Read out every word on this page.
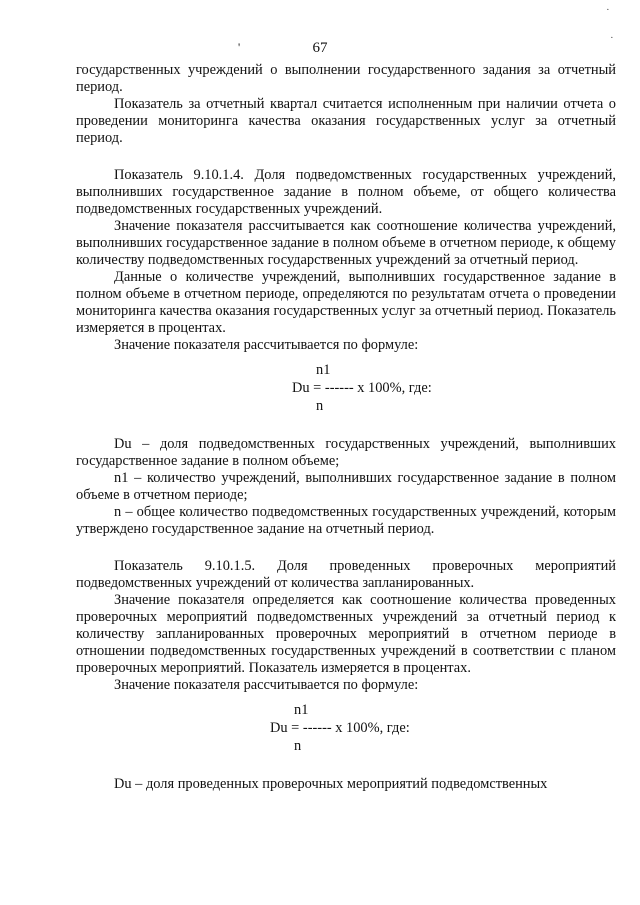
·
·
'	67

государственных учреждений о выполнении государственного задания за отчетный период.

Показатель за отчетный квартал считается исполненным при наличии отчета о проведении мониторинга качества оказания государственных услуг за отчетный период.

Показатель 9.10.1.4. Доля подведомственных государственных учреждений, выполнивших государственное задание в полном объеме, от общего количества подведомственных государственных учреждений.

Значение показателя рассчитывается как соотношение количества учреждений, выполнивших государственное задание в полном объеме в отчетном периоде, к общему количеству подведомственных государственных учреждений за отчетный период.

Данные о количестве учреждений, выполнивших государственное задание в полном объеме в отчетном периоде, определяются по результатам отчета о проведении мониторинга качества оказания государственных услуг за отчетный период. Показатель измеряется в процентах.

Значение показателя рассчитывается по формуле:

n1
Du = ------ x 100%, где:
n

Du – доля подведомственных государственных учреждений, выполнивших государственное задание в полном объеме;

n1 – количество учреждений, выполнивших государственное задание в полном объеме в отчетном периоде;

n – общее количество подведомственных государственных учреждений, которым утверждено государственное задание на отчетный период.

Показатель 9.10.1.5. Доля проведенных проверочных мероприятий подведомственных учреждений от количества запланированных.

Значение показателя определяется как соотношение количества проведенных проверочных мероприятий подведомственных учреждений за отчетный период к количеству запланированных проверочных мероприятий в отчетном периоде в отношении подведомственных государственных учреждений в соответствии с планом проверочных мероприятий. Показатель измеряется в процентах.

Значение показателя рассчитывается по формуле:

n1
Du = ------ x 100%, где:
n

Du – доля проведенных проверочных мероприятий подведомственных
